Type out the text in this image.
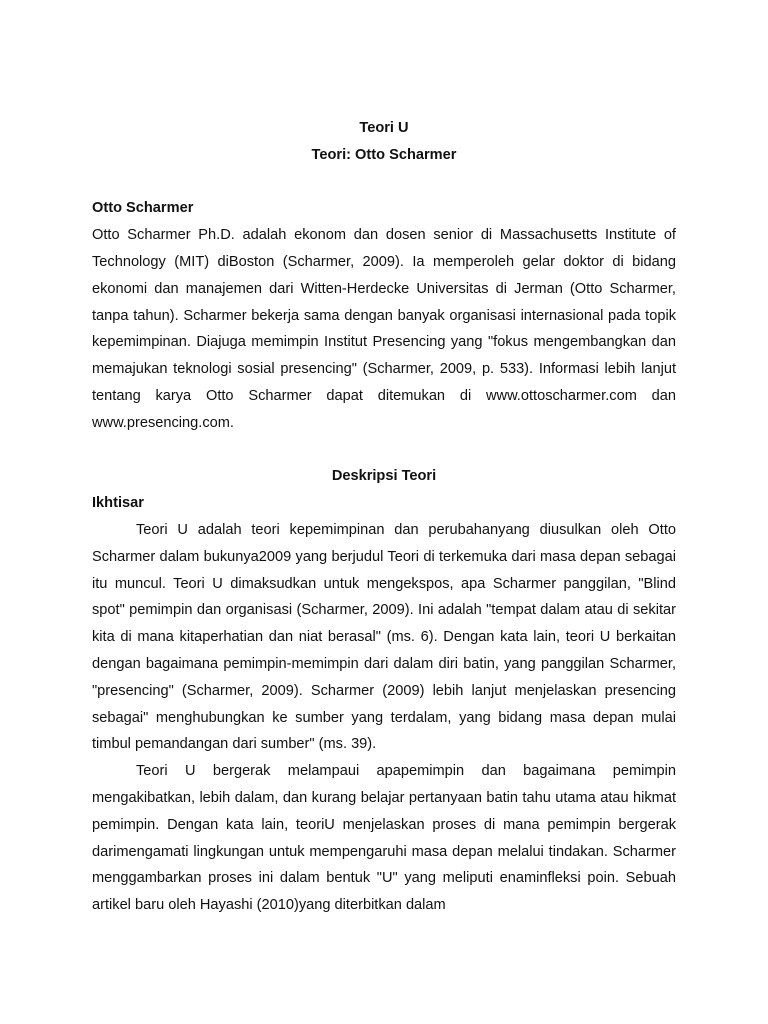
Teori U

Teori: Otto Scharmer

Otto Scharmer

Otto Scharmer Ph.D. adalah ekonom dan dosen senior di Massachusetts Institute of Technology (MIT) diBoston (Scharmer, 2009). Ia memperoleh gelar doktor di bidang ekonomi dan manajemen dari Witten-Herdecke Universitas di Jerman (Otto Scharmer, tanpa tahun). Scharmer bekerja sama dengan banyak organisasi internasional pada topik kepemimpinan. Diajuga memimpin Institut Presencing yang "fokus mengembangkan dan memajukan teknologi sosial presencing" (Scharmer, 2009, p. 533). Informasi lebih lanjut tentang karya Otto Scharmer dapat ditemukan di www.ottoscharmer.com dan www.presencing.com.

Deskripsi Teori

Ikhtisar

Teori U adalah teori kepemimpinan dan perubahanyang diusulkan oleh Otto Scharmer dalam bukunya2009 yang berjudul Teori di terkemuka dari masa depan sebagai itu muncul. Teori U dimaksudkan untuk mengekspos, apa Scharmer panggilan, "Blind spot" pemimpin dan organisasi (Scharmer, 2009). Ini adalah "tempat dalam atau di sekitar kita di mana kitaperhatian dan niat berasal" (ms. 6). Dengan kata lain, teori U berkaitan dengan bagaimana pemimpin-memimpin dari dalam diri batin, yang panggilan Scharmer, "presencing" (Scharmer, 2009). Scharmer (2009) lebih lanjut menjelaskan presencing sebagai" menghubungkan ke sumber yang terdalam, yang bidang masa depan mulai timbul pemandangan dari sumber" (ms. 39).

Teori U bergerak melampaui apapemimpin dan bagaimana pemimpin mengakibatkan, lebih dalam, dan kurang belajar pertanyaan batin tahu utama atau hikmat pemimpin. Dengan kata lain, teoriU menjelaskan proses di mana pemimpin bergerak darimengamati lingkungan untuk mempengaruhi masa depan melalui tindakan. Scharmer menggambarkan proses ini dalam bentuk "U" yang meliputi enaminfleksi poin. Sebuah artikel baru oleh Hayashi (2010)yang diterbitkan dalam
